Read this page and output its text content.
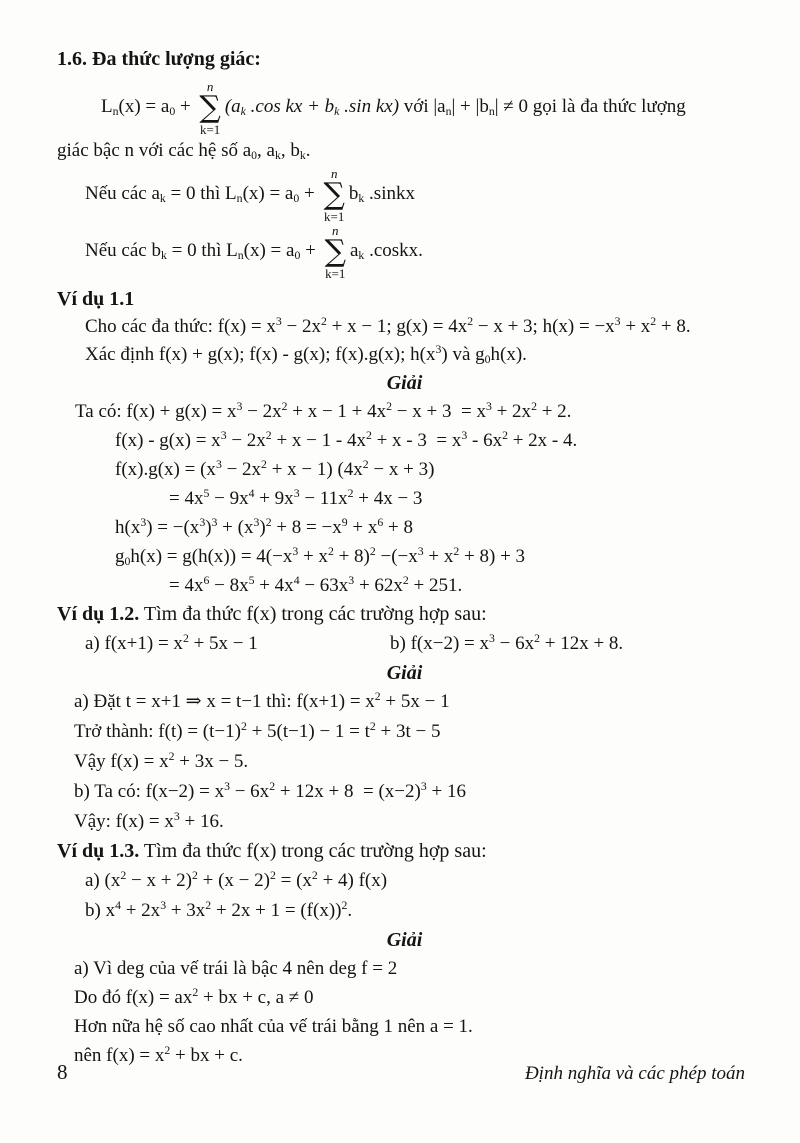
1.6. Đa thức lượng giác:
$L_n(x) = a_0$ +
n
∑
k=1
($a_k$ .cos kx + $b_k$ .sin kx) với $|a_n| + |b_n| \ne 0$ gọi là đa thức lượng
giác bậc n với các hệ số $a_0$, $a_k$, $b_k$.
Nếu các $a_k = 0$ thì $L_n(x) = a_0$ +
n
∑
k=1
$b_k$ .sinkx
Nếu các $b_k = 0$ thì $L_n(x) = a_0$ +
n
∑
k=1
$a_k$ .coskx.
Ví dụ 1.1
Cho các đa thức: $f(x) = x^3 - 2x^2 + x - 1$; $g(x) = 4x^2 - x + 3$; $h(x) = -x^3 + x^2 + 8$.
Xác định f(x) + g(x); f(x) - g(x); f(x).g(x); $h(x^3)$ và $g_0h(x)$.
Giải
Ta có: $f(x) + g(x) = x^3 - 2x^2 + x - 1 + 4x^2 - x + 3 = x^3 + 2x^2 + 2$.
$f(x) - g(x) = x^3 - 2x^2 + x - 1 - 4x^2 + x - 3 = x^3 - 6x^2 + 2x - 4$.
$f(x).g(x) = (x^3 - 2x^2 + x - 1) (4x^2 - x + 3)$
= $4x^5 - 9x^4 + 9x^3 - 11x^2 + 4x - 3$
$h(x^3) = -(x^3)^3 + (x^3)^2 + 8 = -x^9 + x^6 + 8$
$g_0h(x) = g(h(x)) = 4(-x^3 + x^2 + 8)^2 -(-x^3 + x^2 + 8) + 3$
= $4x^6 - 8x^5 + 4x^4 - 63x^3 + 62x^2 + 251$.
Ví dụ 1.2. Tìm đa thức f(x) trong các trường hợp sau:
a) $f(x+1) = x^2 + 5x - 1$	b) $f(x-2) = x^3 - 6x^2 + 12x + 8$.
Giải
a) Đặt t = x+1 ⇒ x = t−1 thì: $f(x+1) = x^2 + 5x - 1$
Trở thành: $f(t) = (t-1)^2 + 5(t-1) - 1 = t^2 + 3t - 5$
Vậy $f(x) = x^2 + 3x - 5$.
b) Ta có: $f(x-2) = x^3 - 6x^2 + 12x + 8 = (x-2)^3 + 16$
Vậy: $f(x) = x^3 + 16$.
Ví dụ 1.3. Tìm đa thức f(x) trong các trường hợp sau:
a) $(x^2 - x + 2)^2 + (x - 2)^2 = (x^2 + 4)$ f(x)
b) $x^4 + 2x^3 + 3x^2 + 2x + 1 = (f(x))^2$.
Giải
a) Vì deg của vế trái là bậc 4 nên deg f = 2
Do đó $f(x) = ax^2$ + bx + c, a ≠ 0
Hơn nữa hệ số cao nhất của vế trái bằng 1 nên a = 1.
nên $f(x) = x^2$ + bx + c.
8	Định nghĩa và các phép toán
